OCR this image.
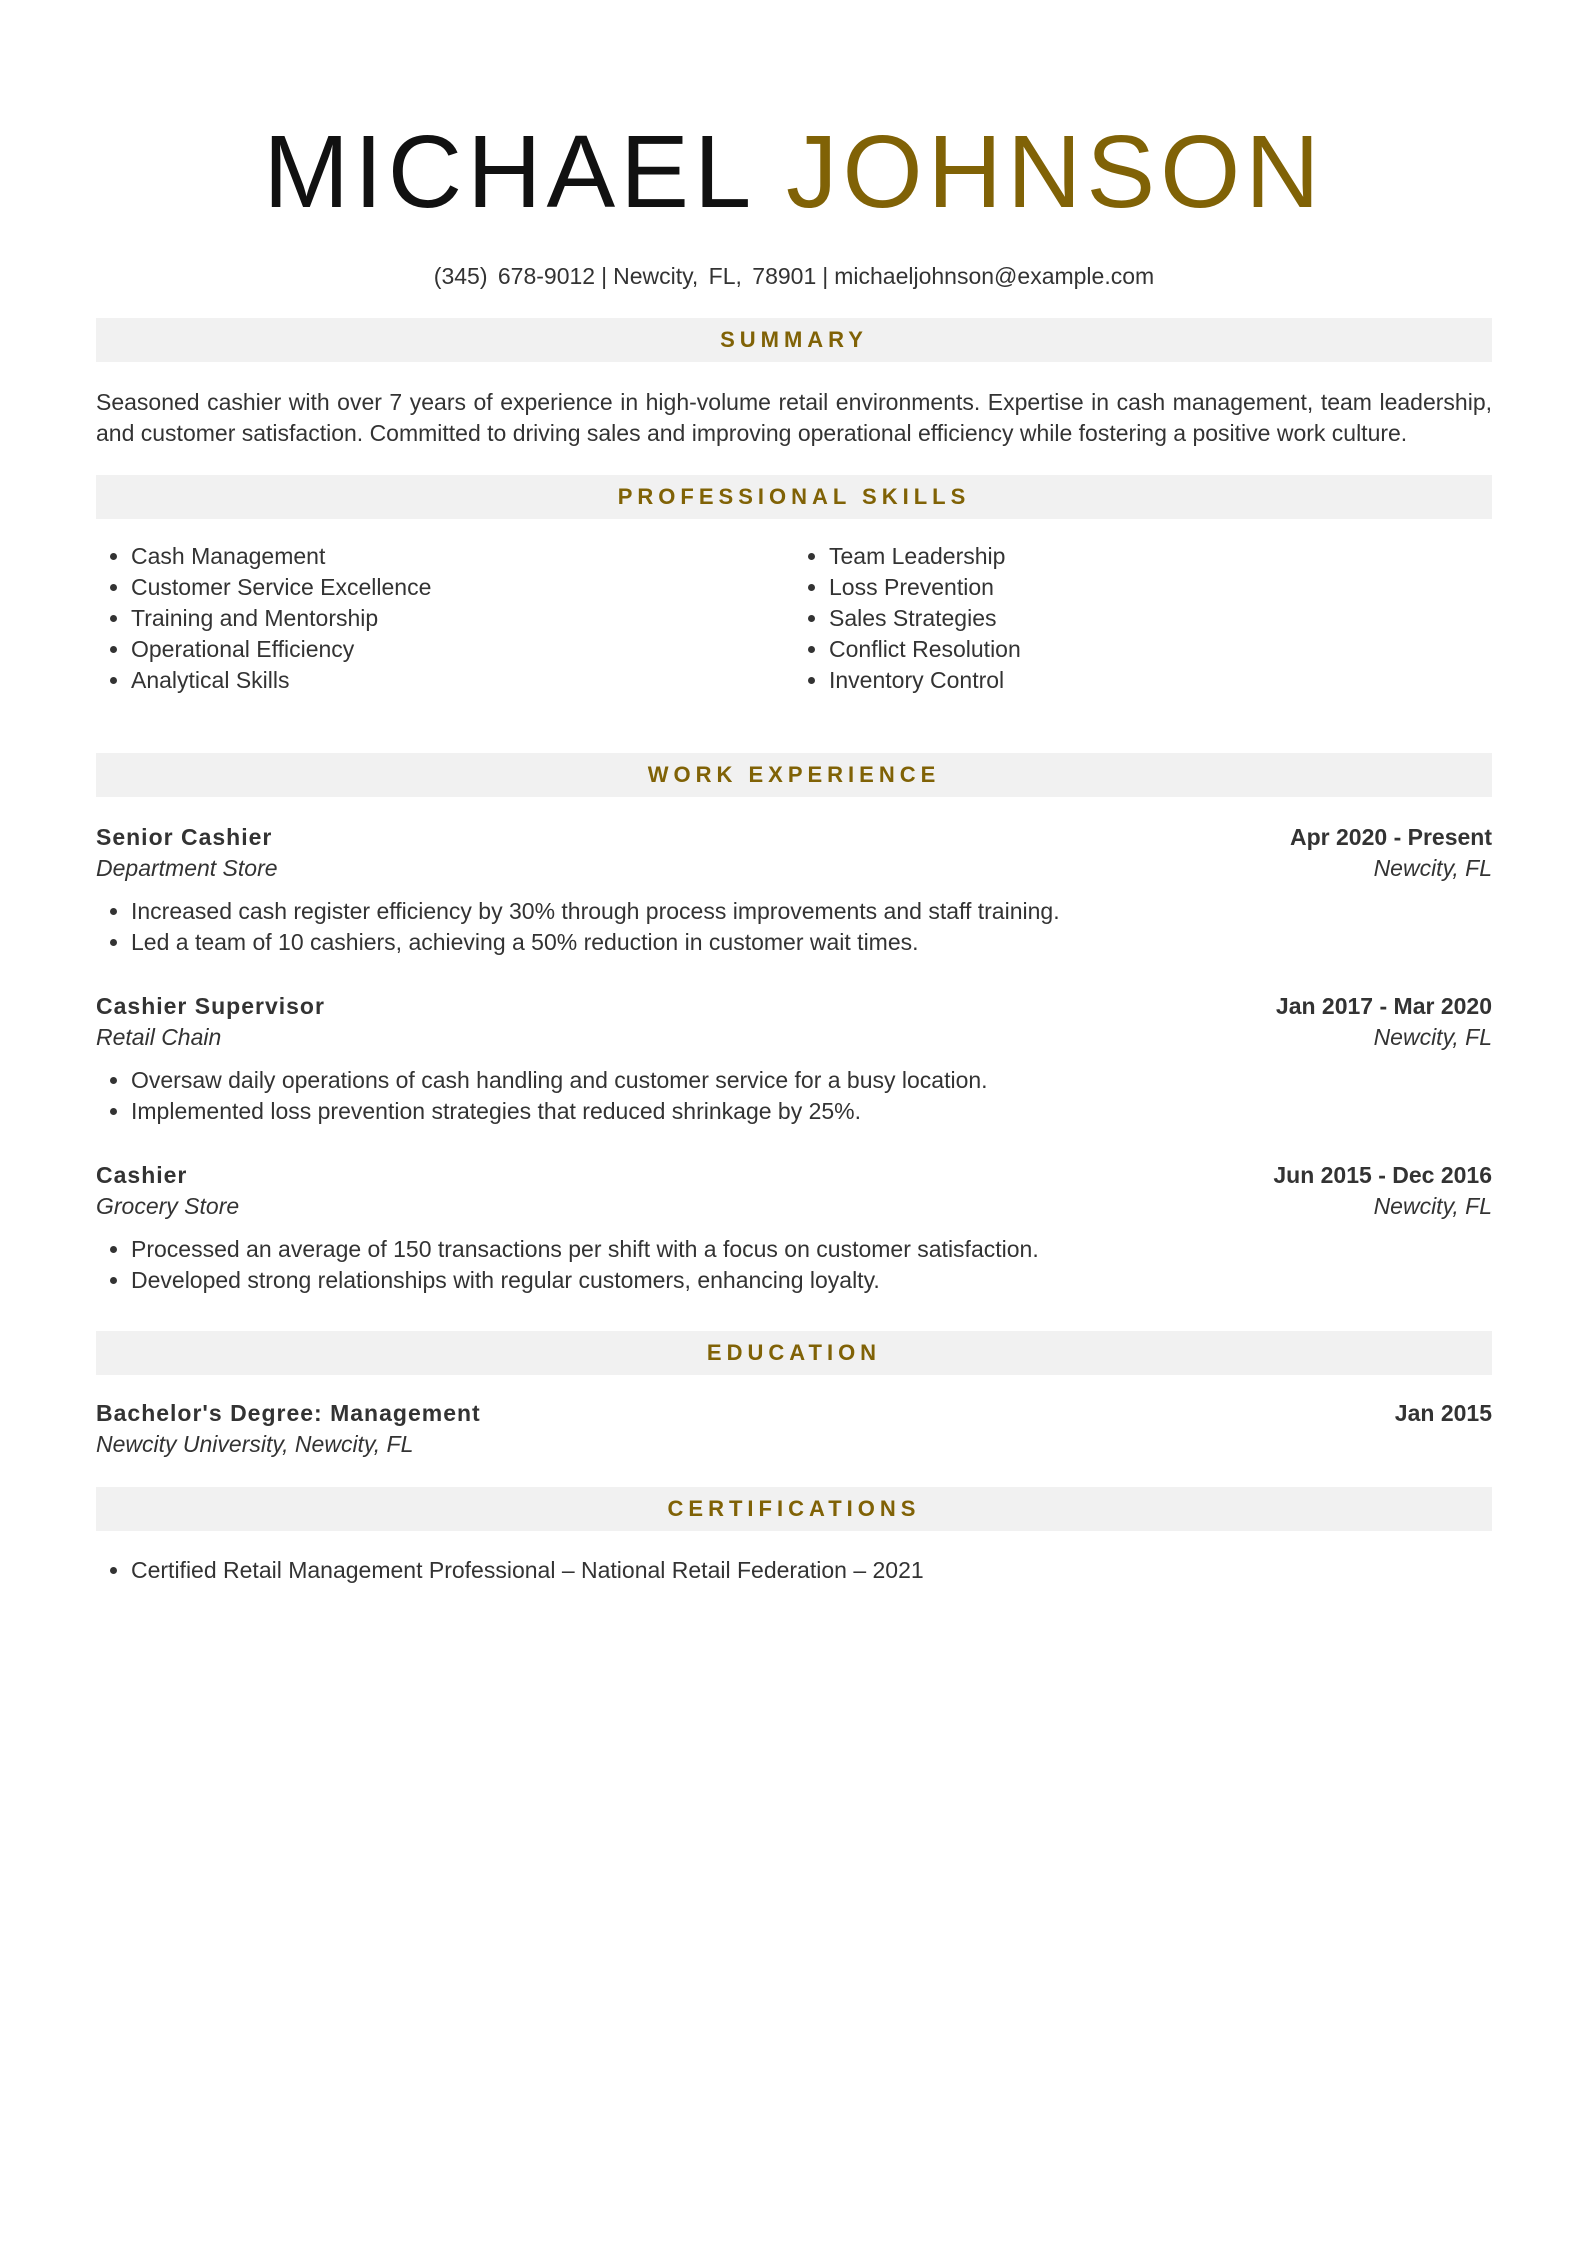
MICHAEL JOHNSON
(345) 678-9012 | Newcity, FL, 78901 | michaeljohnson@example.com
SUMMARY

Seasoned cashier with over 7 years of experience in high-volume retail environments. Expertise in cash management, team leadership, and customer satisfaction. Committed to driving sales and improving operational efficiency while fostering a positive work culture.

PROFESSIONAL SKILLS
• Cash Management
• Customer Service Excellence
• Training and Mentorship
• Operational Efficiency
• Analytical Skills
• Team Leadership
• Loss Prevention
• Sales Strategies
• Conflict Resolution
• Inventory Control
WORK EXPERIENCE
Senior Cashier	Apr 2020 - Present
Department Store	Newcity, FL
• Increased cash register efficiency by 30% through process improvements and staff training.
• Led a team of 10 cashiers, achieving a 50% reduction in customer wait times.
Cashier Supervisor	Jan 2017 - Mar 2020
Retail Chain	Newcity, FL
• Oversaw daily operations of cash handling and customer service for a busy location.
• Implemented loss prevention strategies that reduced shrinkage by 25%.
Cashier	Jun 2015 - Dec 2016
Grocery Store	Newcity, FL
• Processed an average of 150 transactions per shift with a focus on customer satisfaction.
• Developed strong relationships with regular customers, enhancing loyalty.
EDUCATION
Bachelor's Degree: Management	Jan 2015
Newcity University, Newcity, FL
CERTIFICATIONS
• Certified Retail Management Professional – National Retail Federation – 2021
